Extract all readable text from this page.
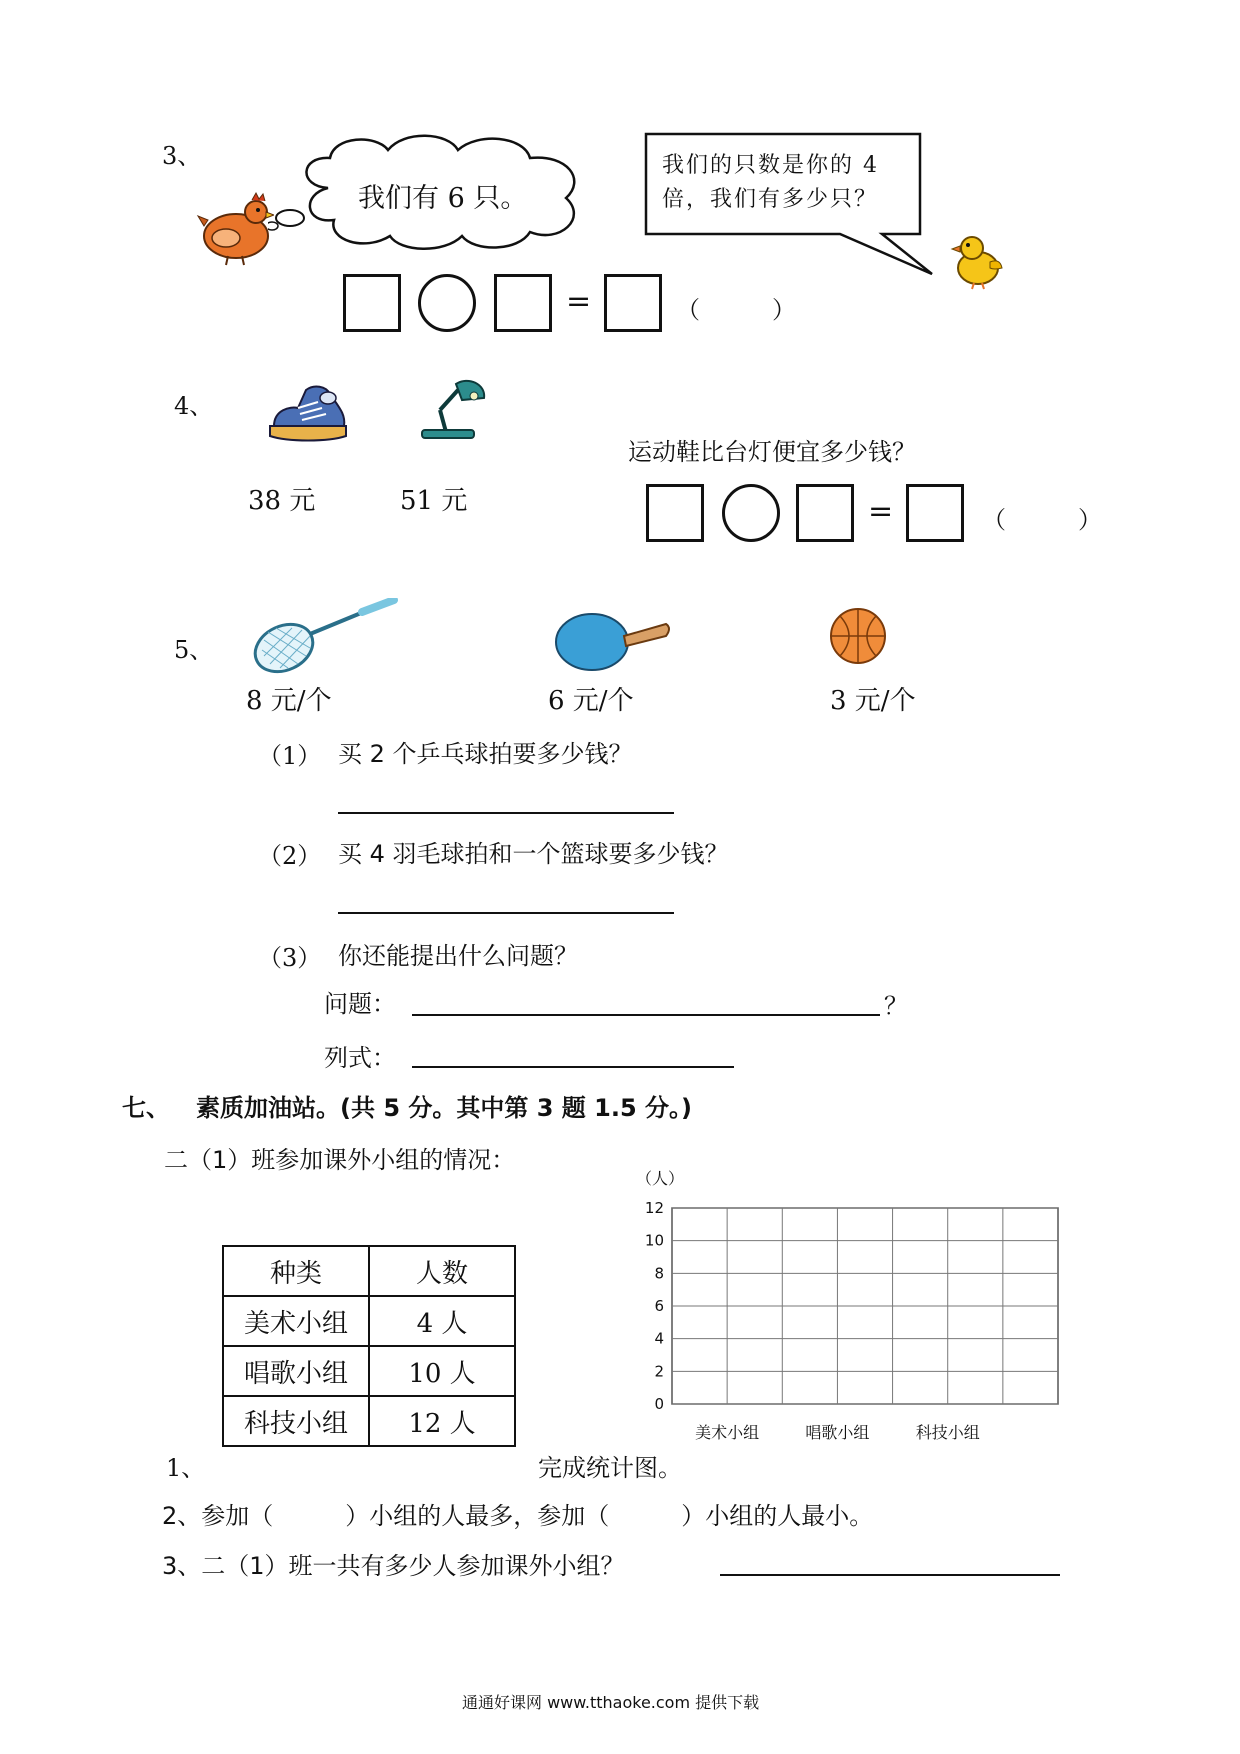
3、
我们有 6 只。
我们的只数是你的 4
倍，我们有多少只？
=	（　　　）
4、
38 元	51 元
运动鞋比台灯便宜多少钱？
=	（　　　）
5、
8 元/个	6 元/个	3 元/个
（1） 买 2 个乒乓球拍要多少钱？
（2） 买 4 羽毛球拍和一个篮球要多少钱？
（3） 你还能提出什么问题？
问题：	？
列式：
七、 素质加油站。(共 5 分。其中第 3 题 1.5 分。)
二（1）班参加课外小组的情况：
种类	人数
美术小组	4 人
唱歌小组	10 人
科技小组	12 人
（人）
0
2
4
6
8
10
12
美术小组	唱歌小组	科技小组
1、	完成统计图。
2、参加（　　　）小组的人最多，参加（　　　）小组的人最小。
3、二（1）班一共有多少人参加课外小组？
通通好课网 www.tthaoke.com 提供下载
